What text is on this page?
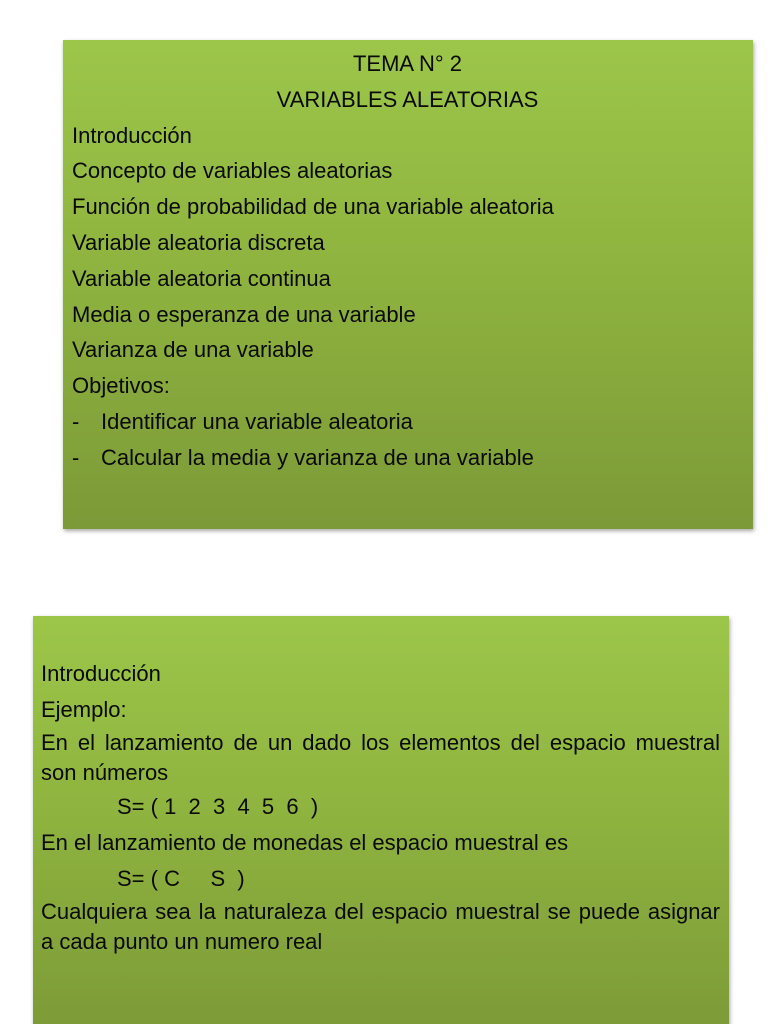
TEMA N° 2
VARIABLES ALEATORIAS
Introducción
Concepto de variables aleatorias
Función de probabilidad de una variable aleatoria
Variable aleatoria discreta
Variable aleatoria continua
Media o esperanza de una variable
Varianza de una variable
Objetivos:
- Identificar una variable aleatoria
- Calcular la media y varianza de una variable
Introducción
Ejemplo:
En el lanzamiento de un dado los elementos del espacio muestral son números
S= ( 1  2  3  4  5  6  )
En el lanzamiento de monedas el espacio muestral es
S= ( C     S  )
Cualquiera sea la naturaleza del espacio muestral se puede asignar a cada punto un numero real
